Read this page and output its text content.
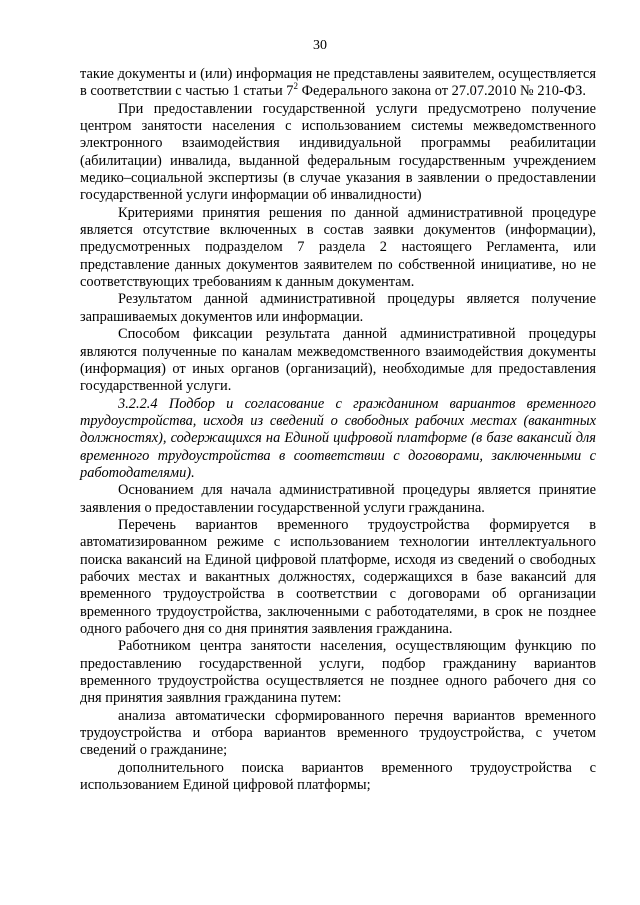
30

такие документы и (или) информация не представлены заявителем, осуществляется в соответствии с частью 1 статьи $7^2$ Федерального закона от 27.07.2010 № 210-ФЗ.

При предоставлении государственной услуги предусмотрено получение центром занятости населения с использованием системы межведомственного электронного взаимодействия индивидуальной программы реабилитации (абилитации) инвалида, выданной федеральным государственным учреждением медико–социальной экспертизы (в случае указания в заявлении о предоставлении государственной услуги информации об инвалидности)

Критериями принятия решения по данной административной процедуре является отсутствие включенных в состав заявки документов (информации), предусмотренных подразделом 7 раздела 2 настоящего Регламента, или представление данных документов заявителем по собственной инициативе, но не соответствующих требованиям к данным документам.

Результатом данной административной процедуры является получение запрашиваемых документов или информации.

Способом фиксации результата данной административной процедуры являются полученные по каналам межведомственного взаимодействия документы (информация) от иных органов (организаций), необходимые для предоставления государственной услуги.

3.2.2.4 Подбор и согласование с гражданином вариантов временного трудоустройства, исходя из сведений о свободных рабочих местах (вакантных должностях), содержащихся на Единой цифровой платформе (в базе вакансий для временного трудоустройства в соответствии с договорами, заключенными с работодателями).

Основанием для начала административной процедуры является принятие заявления о предоставлении государственной услуги гражданина.

Перечень вариантов временного трудоустройства формируется в автоматизированном режиме с использованием технологии интеллектуального поиска вакансий на Единой цифровой платформе, исходя из сведений о свободных рабочих местах и вакантных должностях, содержащихся в базе вакансий для временного трудоустройства в соответствии с договорами об организации временного трудоустройства, заключенными с работодателями, в срок не позднее одного рабочего дня со дня принятия заявления гражданина.

Работником центра занятости населения, осуществляющим функцию по предоставлению государственной услуги, подбор гражданину вариантов временного трудоустройства осуществляется не позднее одного рабочего дня со дня принятия заявлния гражданина путем:

анализа автоматически сформированного перечня вариантов временного трудоустройства и отбора вариантов временного трудоустройства, с учетом сведений о гражданине;

дополнительного поиска вариантов временного трудоустройства с использованием Единой цифровой платформы;
